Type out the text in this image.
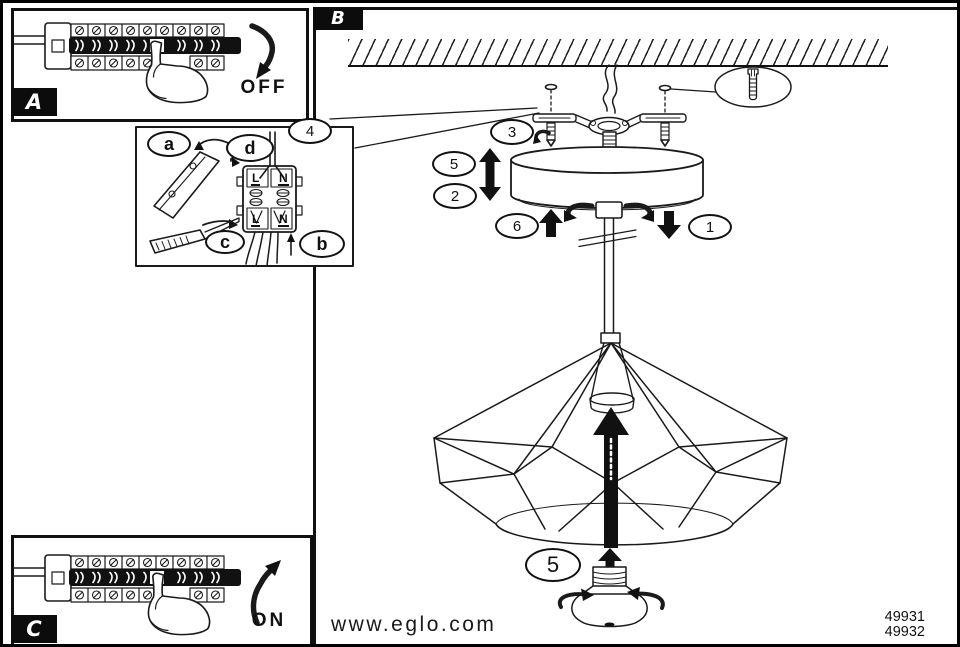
A
B
C
OFF
ON
4	3
5
2
6	1
5
a	d
c	b
L N
L N
www.eglo.com	49931
49932
